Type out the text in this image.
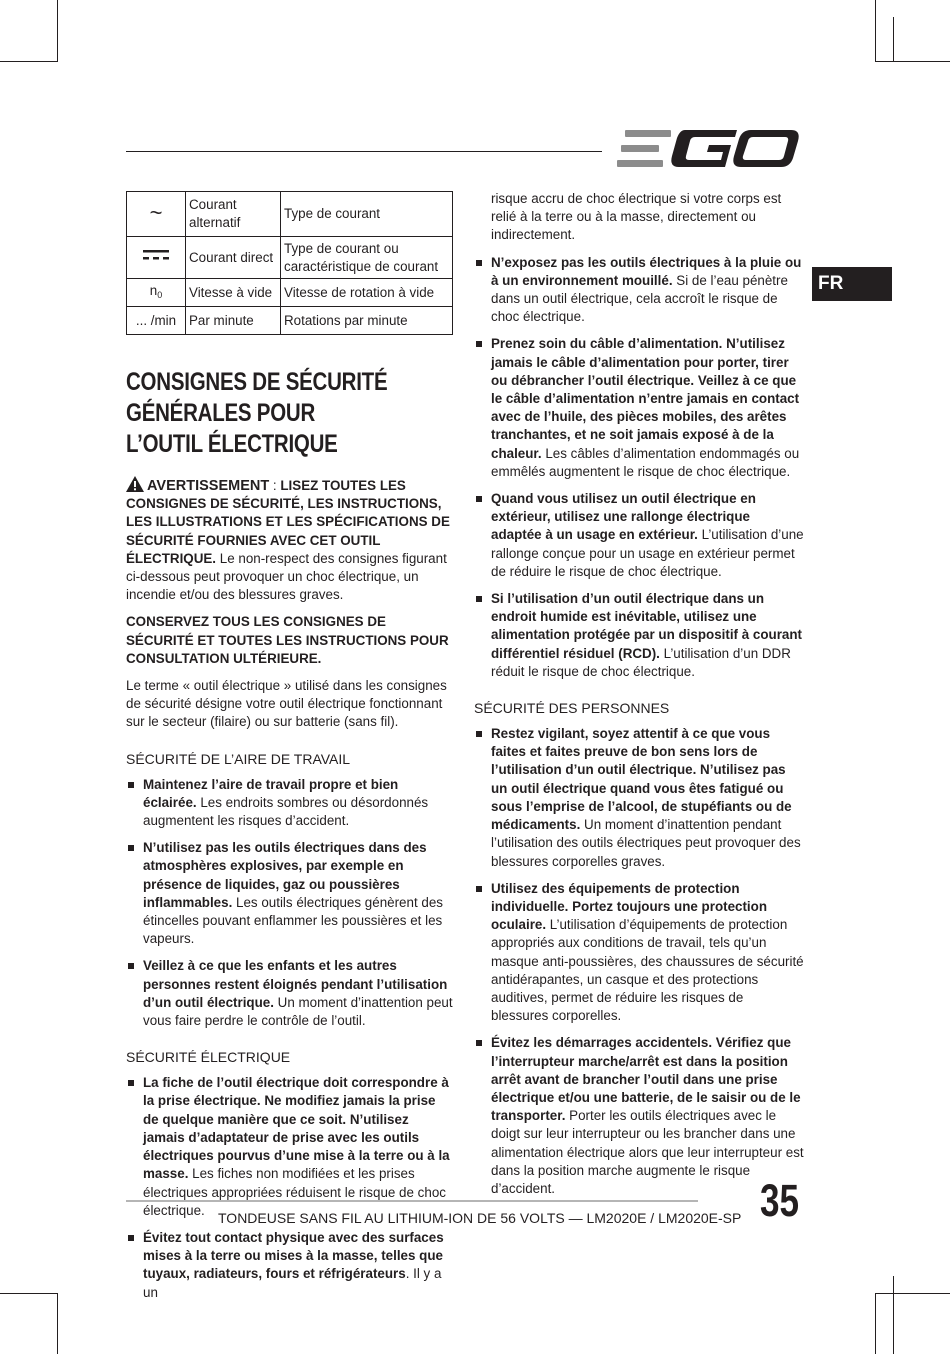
FR
~	Courant alternatif	Type de courant
	Courant direct	Type de courant ou caractéristique de courant
$n_0$	Vitesse à vide	Vitesse de rotation à vide
... /min	Par minute	Rotations par minute
CONSIGNES DE SÉCURITÉ GÉNÉRALES POUR
L’OUTIL ÉLECTRIQUE

AVERTISSEMENT : LISEZ TOUTES LES CONSIGNES DE SÉCURITÉ, LES INSTRUCTIONS, LES ILLUSTRATIONS ET LES SPÉCIFICATIONS DE SÉCURITÉ FOURNIES AVEC CET OUTIL ÉLECTRIQUE. Le non-respect des consignes figurant ci-dessous peut provoquer un choc électrique, un incendie et/ou des blessures graves.

CONSERVEZ TOUS LES CONSIGNES DE SÉCURITÉ ET TOUTES LES INSTRUCTIONS POUR CONSULTATION ULTÉRIEURE.

Le terme « outil électrique » utilisé dans les consignes de sécurité désigne votre outil électrique fonctionnant sur le secteur (filaire) ou sur batterie (sans fil).

SÉCURITÉ DE L’AIRE DE TRAVAIL
Maintenez l’aire de travail propre et bien éclairée. Les endroits sombres ou désordonnés augmentent les risques d’accident.
N’utilisez pas les outils électriques dans des atmosphères explosives, par exemple en présence de liquides, gaz ou poussières inflammables. Les outils électriques génèrent des étincelles pouvant enflammer les poussières et les vapeurs.
Veillez à ce que les enfants et les autres personnes restent éloignés pendant l’utilisation d’un outil électrique. Un moment d’inattention peut vous faire perdre le contrôle de l’outil.
SÉCURITÉ ÉLECTRIQUE
La fiche de l’outil électrique doit correspondre à la prise électrique. Ne modifiez jamais la prise de quelque manière que ce soit. N’utilisez jamais d’adaptateur de prise avec les outils électriques pourvus d’une mise à la terre ou à la masse. Les fiches non modifiées et les prises électriques appropriées réduisent le risque de choc électrique.
Évitez tout contact physique avec des surfaces mises à la terre ou mises à la masse, telles que tuyaux, radiateurs, fours et réfrigérateurs. Il y a un

risque accru de choc électrique si votre corps est relié à la terre ou à la masse, directement ou indirectement.

N’exposez pas les outils électriques à la pluie ou à un environnement mouillé. Si de l’eau pénètre dans un outil électrique, cela accroît le risque de choc électrique.
Prenez soin du câble d’alimentation. N’utilisez jamais le câble d’alimentation pour porter, tirer ou débrancher l’outil électrique. Veillez à ce que le câble d’alimentation n’entre jamais en contact avec de l’huile, des pièces mobiles, des arêtes tranchantes, et ne soit jamais exposé à de la chaleur. Les câbles d’alimentation endommagés ou emmêlés augmentent le risque de choc électrique.
Quand vous utilisez un outil électrique en extérieur, utilisez une rallonge électrique adaptée à un usage en extérieur. L’utilisation d’une rallonge conçue pour un usage en extérieur permet de réduire le risque de choc électrique.
Si l’utilisation d’un outil électrique dans un endroit humide est inévitable, utilisez une alimentation protégée par un dispositif à courant différentiel résiduel (RCD). L’utilisation d’un DDR réduit le risque de choc électrique.
SÉCURITÉ DES PERSONNES
Restez vigilant, soyez attentif à ce que vous faites et faites preuve de bon sens lors de l’utilisation d’un outil électrique. N’utilisez pas un outil électrique quand vous êtes fatigué ou sous l’emprise de l’alcool, de stupéfiants ou de médicaments. Un moment d’inattention pendant l’utilisation des outils électriques peut provoquer des blessures corporelles graves.
Utilisez des équipements de protection individuelle. Portez toujours une protection oculaire. L’utilisation d’équipements de protection appropriés aux conditions de travail, tels qu’un masque anti-poussières, des chaussures de sécurité antidérapantes, un casque et des protections auditives, permet de réduire les risques de blessures corporelles.
Évitez les démarrages accidentels. Vérifiez que l’interrupteur marche/arrêt est dans la position arrêt avant de brancher l’outil dans une prise électrique et/ou une batterie, de le saisir ou de le transporter. Porter les outils électriques avec le doigt sur leur interrupteur ou les brancher dans une alimentation électrique alors que leur interrupteur est dans la position marche augmente le risque d’accident.
TONDEUSE SANS FIL AU LITHIUM-ION DE 56 VOLTS — LM2020E / LM2020E-SP 35
